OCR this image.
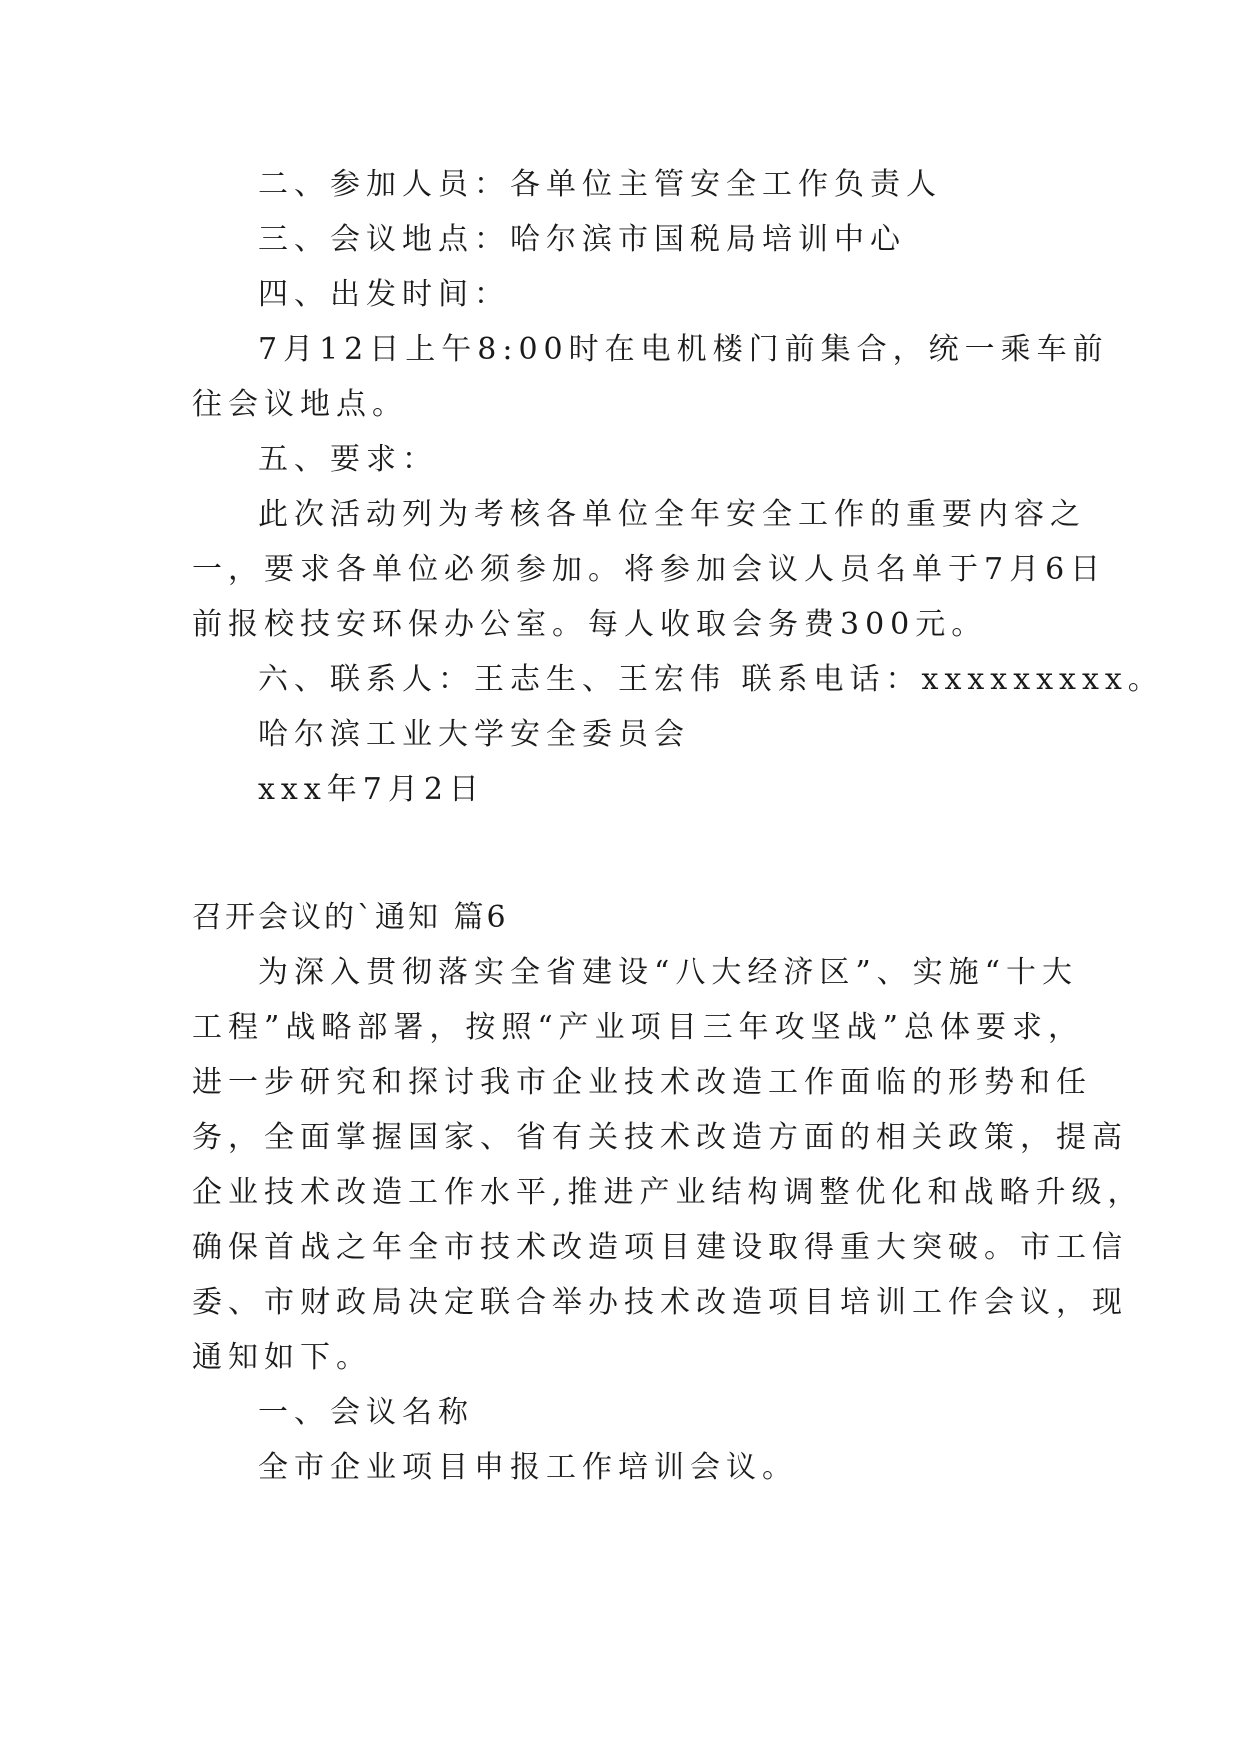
二、参加人员：各单位主管安全工作负责人
三、会议地点：哈尔滨市国税局培训中心
四、出发时间：
7月12日上午8:00时在电机楼门前集合，统一乘车前
往会议地点。
五、要求：
此次活动列为考核各单位全年安全工作的重要内容之
一，要求各单位必须参加。将参加会议人员名单于7月6日
前报校技安环保办公室。每人收取会务费300元。
六、联系人：王志生、王宏伟 联系电话：xxxxxxxxx。
哈尔滨工业大学安全委员会
xxx年7月2日
召开会议的`通知 篇6
为深入贯彻落实全省建设“八大经济区”、实施“十大
工程”战略部署，按照“产业项目三年攻坚战”总体要求，
进一步研究和探讨我市企业技术改造工作面临的形势和任
务，全面掌握国家、省有关技术改造方面的相关政策，提高
企业技术改造工作水平,推进产业结构调整优化和战略升级，
确保首战之年全市技术改造项目建设取得重大突破。市工信
委、市财政局决定联合举办技术改造项目培训工作会议，现
通知如下。
一、会议名称
全市企业项目申报工作培训会议。
